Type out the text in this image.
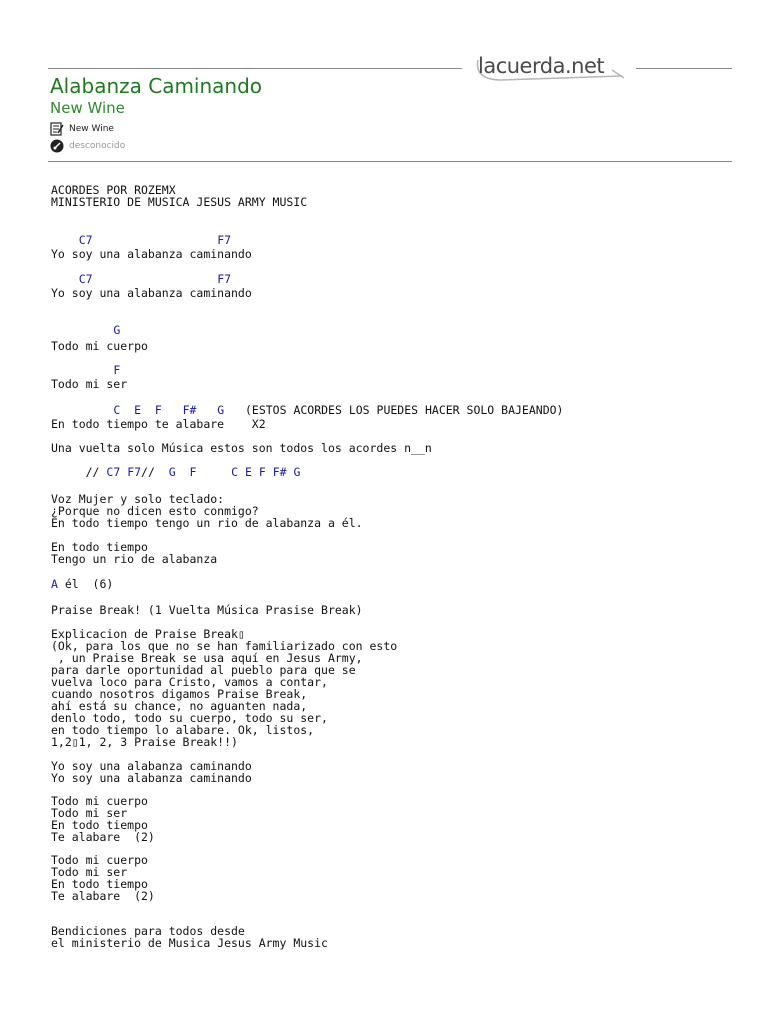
lacuerda.net
Alabanza Caminando
New Wine
New Wine
desconocido
ACORDES POR ROZEMX
MINISTERIO DE MUSICA JESUS ARMY MUSIC
C7	F7
Yo soy una alabanza caminando
C7	F7
Yo soy una alabanza caminando
G
Todo mi cuerpo
F
Todo mi ser
C E F F# G   (ESTOS ACORDES LOS PUEDES HACER SOLO BAJEANDO)
En todo tiempo te alabare    X2
Una vuelta solo Música estos son todos los acordes n__n
// C7 F7//  G F	C E F F# G
Voz Mujer y solo teclado:
¿Porque no dicen esto conmigo?
En todo tiempo tengo un rio de alabanza a él.
En todo tiempo
Tengo un rio de alabanza
A él  (6)
Praise Break! (1 Vuelta Música Prasise Break)
Explicacion de Praise Break▯
(Ok, para los que no se han familiarizado con esto
, un Praise Break se usa aquí en Jesus Army,
para darle oportunidad al pueblo para que se
vuelva loco para Cristo, vamos a contar,
cuando nosotros digamos Praise Break,
ahí está su chance, no aguanten nada,
denlo todo, todo su cuerpo, todo su ser,
en todo tiempo lo alabare. Ok, listos,
1,2▯1, 2, 3 Praise Break!!)
Yo soy una alabanza caminando
Yo soy una alabanza caminando
Todo mi cuerpo
Todo mi ser
En todo tiempo
Te alabare  (2)
Todo mi cuerpo
Todo mi ser
En todo tiempo
Te alabare  (2)
Bendiciones para todos desde
el ministerio de Musica Jesus Army Music
